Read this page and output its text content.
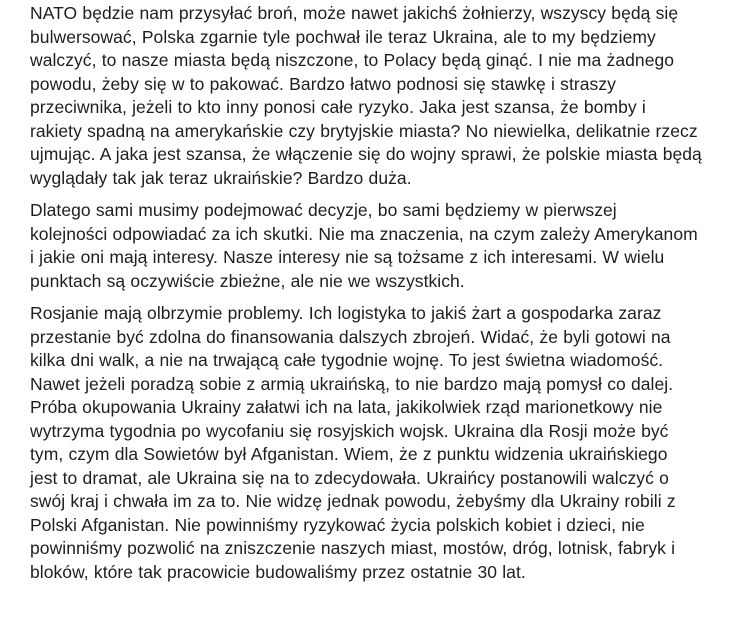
NATO będzie nam przysyłać broń, może nawet jakichś żołnierzy, wszyscy będą się
bulwersować, Polska zgarnie tyle pochwał ile teraz Ukraina, ale to my będziemy
walczyć, to nasze miasta będą niszczone, to Polacy będą ginąć. I nie ma żadnego
powodu, żeby się w to pakować. Bardzo łatwo podnosi się stawkę i straszy
przeciwnika, jeżeli to kto inny ponosi całe ryzyko. Jaka jest szansa, że bomby i
rakiety spadną na amerykańskie czy brytyjskie miasta? No niewielka, delikatnie rzecz
ujmując. A jaka jest szansa, że włączenie się do wojny sprawi, że polskie miasta będą
wyglądały tak jak teraz ukraińskie? Bardzo duża.

Dlatego sami musimy podejmować decyzje, bo sami będziemy w pierwszej
kolejności odpowiadać za ich skutki. Nie ma znaczenia, na czym zależy Amerykanom
i jakie oni mają interesy. Nasze interesy nie są tożsame z ich interesami. W wielu
punktach są oczywiście zbieżne, ale nie we wszystkich.

Rosjanie mają olbrzymie problemy. Ich logistyka to jakiś żart a gospodarka zaraz
przestanie być zdolna do finansowania dalszych zbrojeń. Widać, że byli gotowi na
kilka dni walk, a nie na trwającą całe tygodnie wojnę. To jest świetna wiadomość.
Nawet jeżeli poradzą sobie z armią ukraińską, to nie bardzo mają pomysł co dalej.
Próba okupowania Ukrainy załatwi ich na lata, jakikolwiek rząd marionetkowy nie
wytrzyma tygodnia po wycofaniu się rosyjskich wojsk. Ukraina dla Rosji może być
tym, czym dla Sowietów był Afganistan. Wiem, że z punktu widzenia ukraińskiego
jest to dramat, ale Ukraina się na to zdecydowała. Ukraińcy postanowili walczyć o
swój kraj i chwała im za to. Nie widzę jednak powodu, żebyśmy dla Ukrainy robili z
Polski Afganistan. Nie powinniśmy ryzykować życia polskich kobiet i dzieci, nie
powinniśmy pozwolić na zniszczenie naszych miast, mostów, dróg, lotnisk, fabryk i
bloków, które tak pracowicie budowaliśmy przez ostatnie 30 lat.
